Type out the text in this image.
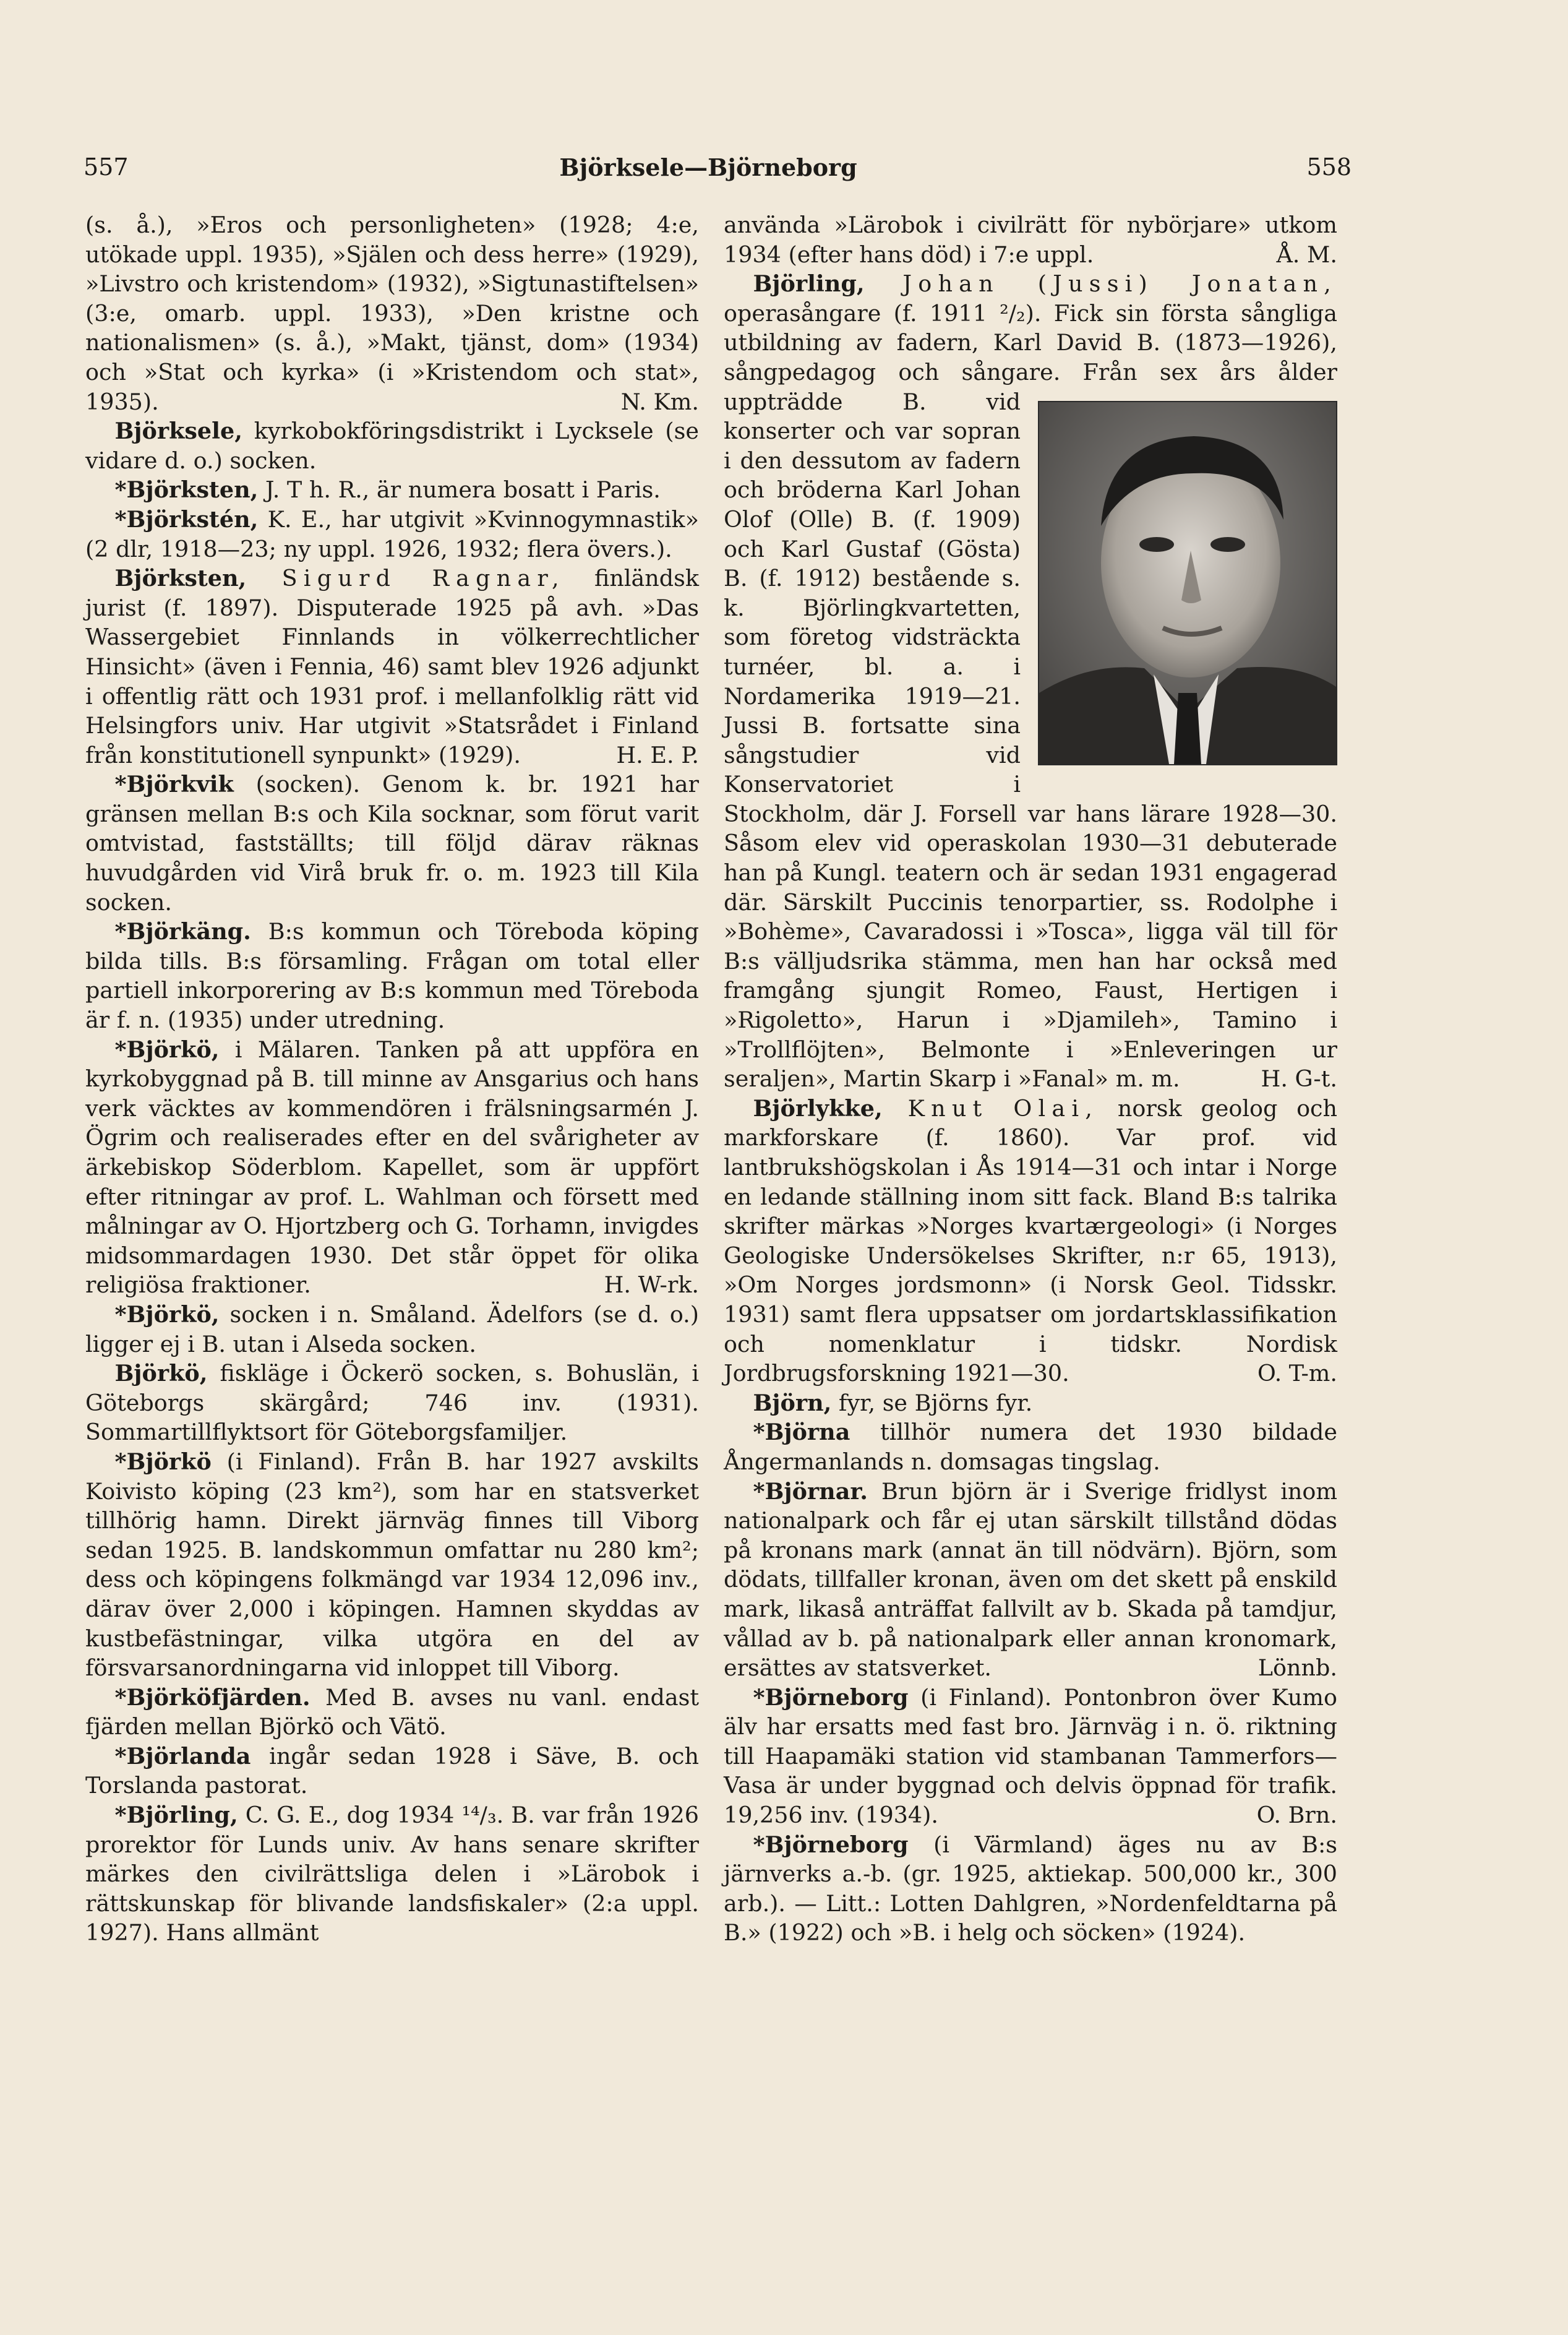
557	Björksele—Björneborg	558

(s. å.), »Eros och personligheten» (1928; 4:e, utökade uppl. 1935), »Själen och dess herre» (1929), »Livstro och kristendom» (1932), »Sigtunastiftelsen» (3:e, omarb. uppl. 1933), »Den kristne och nationalismen» (s. å.), »Makt, tjänst, dom» (1934) och »Stat och kyrka» (i »Kristendom och stat», 1935).	N. Km.

Björksele, kyrkobokföringsdistrikt i Lycksele (se vidare d. o.) socken.

*Björksten, J. T h. R., är numera bosatt i Paris.

*Björkstén, K. E., har utgivit »Kvinnogymnastik» (2 dlr, 1918—23; ny uppl. 1926, 1932; flera övers.).

Björksten, Sigurd Ragnar, finländsk jurist (f. 1897). Disputerade 1925 på avh. »Das Wassergebiet Finnlands in völkerrechtlicher Hinsicht» (även i Fennia, 46) samt blev 1926 adjunkt i offentlig rätt och 1931 prof. i mellanfolklig rätt vid Helsingfors univ. Har utgivit »Statsrådet i Finland från konstitutionell synpunkt» (1929).	H. E. P.

*Björkvik (socken). Genom k. br. 1921 har gränsen mellan B:s och Kila socknar, som förut varit omtvistad, fastställts; till följd därav räknas huvudgården vid Virå bruk fr. o. m. 1923 till Kila socken.

*Björkäng. B:s kommun och Töreboda köping bilda tills. B:s församling. Frågan om total eller partiell inkorporering av B:s kommun med Töreboda är f. n. (1935) under utredning.

*Björkö, i Mälaren. Tanken på att uppföra en kyrkobyggnad på B. till minne av Ansgarius och hans verk väcktes av kommendören i frälsningsarmén J. Ögrim och realiserades efter en del svårigheter av ärkebiskop Söderblom. Kapellet, som är uppfört efter ritningar av prof. L. Wahlman och försett med målningar av O. Hjortzberg och G. Torhamn, invigdes midsommardagen 1930. Det står öppet för olika religiösa fraktioner.	H. W-rk.

*Björkö, socken i n. Småland. Ädelfors (se d. o.) ligger ej i B. utan i Alseda socken.

Björkö, fiskläge i Öckerö socken, s. Bohuslän, i Göteborgs skärgård; 746 inv. (1931). Sommartillflyktsort för Göteborgsfamiljer.

*Björkö (i Finland). Från B. har 1927 avskilts Koivisto köping (23 km²), som har en statsverket tillhörig hamn. Direkt järnväg finnes till Viborg sedan 1925. B. landskommun omfattar nu 280 km²; dess och köpingens folkmängd var 1934 12,096 inv., därav över 2,000 i köpingen. Hamnen skyddas av kustbefästningar, vilka utgöra en del av försvarsanordningarna vid inloppet till Viborg.

*Björköfjärden. Med B. avses nu vanl. endast fjärden mellan Björkö och Vätö.

*Björlanda ingår sedan 1928 i Säve, B. och Torslanda pastorat.

*Björling, C. G. E., dog 1934 ¹⁴/₃. B. var från 1926 prorektor för Lunds univ. Av hans senare skrifter märkes den civilrättsliga delen i »Lärobok i rättskunskap för blivande landsfiskaler» (2:a uppl. 1927). Hans allmänt

använda »Lärobok i civilrätt för nybörjare» utkom 1934 (efter hans död) i 7:e uppl.	Å. M.

Björling, Johan (Jussi) Jonatan, operasångare (f. 1911 ²/₂). Fick sin första sångliga utbildning av fadern, Karl David B. (1873—1926), sångpedagog och sångare. Från
sex års ålder uppträdde B. vid konserter och var sopran i den dessutom av fadern och bröderna Karl Johan Olof (Olle) B. (f. 1909) och Karl Gustaf (Gösta) B. (f. 1912) bestående s. k. Björlingkvartetten, som företog vidsträckta turnéer, bl. a. i Nordamerika 1919—21. Jussi B. fortsatte sina sångstudier vid Konservatoriet i Stockholm, där J. Forsell var hans lärare 1928—30. Såsom elev vid operaskolan 1930—31 debuterade han på Kungl. teatern och är sedan 1931 engagerad där. Särskilt Puccinis tenorpartier, ss. Rodolphe i »Bohème», Cavaradossi i »Tosca», ligga väl till för B:s välljudsrika stämma, men han har också med framgång sjungit Romeo, Faust, Hertigen i »Rigoletto», Harun i »Djamileh», Tamino i »Trollflöjten», Belmonte i »Enleveringen ur seraljen», Martin Skarp i »Fanal» m. m.	H. G-t.

Björlykke, Knut Olai, norsk geolog och markforskare (f. 1860). Var prof. vid lantbrukshögskolan i Ås 1914—31 och intar i Norge en ledande ställning inom sitt fack. Bland B:s talrika skrifter märkas »Norges kvartærgeologi» (i Norges Geologiske Undersökelses Skrifter, n:r 65, 1913), »Om Norges jordsmonn» (i Norsk Geol. Tidsskr. 1931) samt flera uppsatser om jordartsklassifikation och nomenklatur i tidskr. Nordisk Jordbrugsforskning 1921—30.	O. T-m.

Björn, fyr, se Björns fyr.

*Björna tillhör numera det 1930 bildade Ångermanlands n. domsagas tingslag.

*Björnar. Brun björn är i Sverige fridlyst inom nationalpark och får ej utan särskilt tillstånd dödas på kronans mark (annat än till nödvärn). Björn, som dödats, tillfaller kronan, även om det skett på enskild mark, likaså anträffat fallvilt av b. Skada på tamdjur, vållad av b. på nationalpark eller annan kronomark, ersättes av statsverket.	Lönnb.

*Björneborg (i Finland). Pontonbron över Kumo älv har ersatts med fast bro. Järnväg i n. ö. riktning till Haapamäki station vid stambanan Tammerfors—Vasa är under byggnad och delvis öppnad för trafik. 19,256 inv. (1934).	O. Brn.

*Björneborg (i Värmland) äges nu av B:s järnverks a.-b. (gr. 1925, aktiekap. 500,000 kr., 300 arb.). — Litt.: Lotten Dahlgren, »Nordenfeldtarna på B.» (1922) och »B. i helg och söcken» (1924).
